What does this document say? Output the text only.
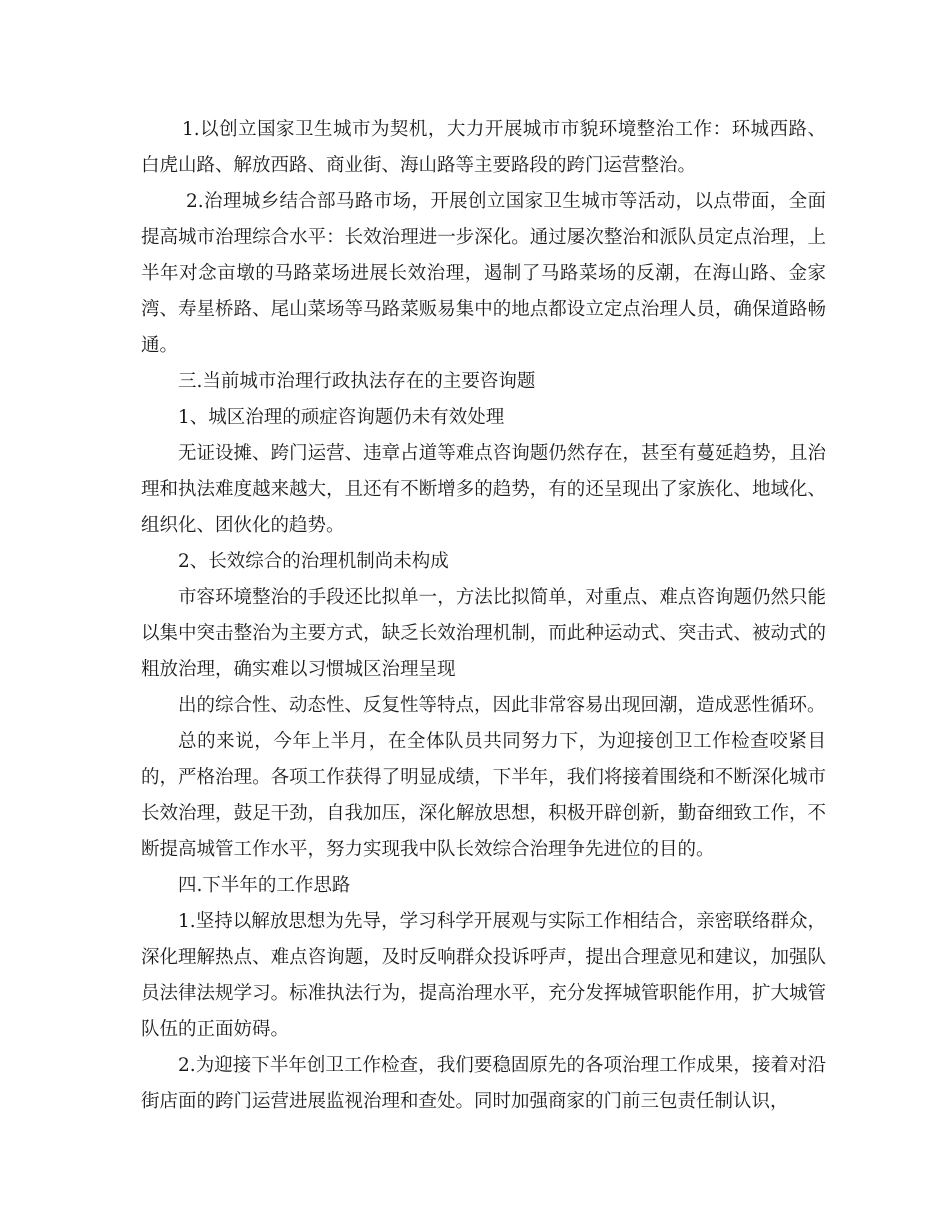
1.以创立国家卫生城市为契机，大力开展城市市貌环境整治工作：环城西路、白虎山路、解放西路、商业街、海山路等主要路段的跨门运营整治。

2.治理城乡结合部马路市场，开展创立国家卫生城市等活动，以点带面，全面提高城市治理综合水平：长效治理进一步深化。通过屡次整治和派队员定点治理，上半年对念亩墩的马路菜场进展长效治理，遏制了马路菜场的反潮，在海山路、金家湾、寿星桥路、尾山菜场等马路菜贩易集中的地点都设立定点治理人员，确保道路畅通。

三.当前城市治理行政执法存在的主要咨询题

1、城区治理的顽症咨询题仍未有效处理

无证设摊、跨门运营、违章占道等难点咨询题仍然存在，甚至有蔓延趋势，且治理和执法难度越来越大，且还有不断增多的趋势，有的还呈现出了家族化、地域化、组织化、团伙化的趋势。

2、长效综合的治理机制尚未构成

市容环境整治的手段还比拟单一，方法比拟简单，对重点、难点咨询题仍然只能以集中突击整治为主要方式，缺乏长效治理机制，而此种运动式、突击式、被动式的粗放治理，确实难以习惯城区治理呈现

出的综合性、动态性、反复性等特点，因此非常容易出现回潮，造成恶性循环。

总的来说，今年上半月，在全体队员共同努力下，为迎接创卫工作检查咬紧目的，严格治理。各项工作获得了明显成绩，下半年，我们将接着围绕和不断深化城市长效治理，鼓足干劲，自我加压，深化解放思想，积极开辟创新，勤奋细致工作，不断提高城管工作水平，努力实现我中队长效综合治理争先进位的目的。

四.下半年的工作思路

1.坚持以解放思想为先导，学习科学开展观与实际工作相结合，亲密联络群众，深化理解热点、难点咨询题，及时反响群众投诉呼声，提出合理意见和建议，加强队员法律法规学习。标准执法行为，提高治理水平，充分发挥城管职能作用，扩大城管队伍的正面妨碍。

2.为迎接下半年创卫工作检查，我们要稳固原先的各项治理工作成果，接着对沿街店面的跨门运营进展监视治理和查处。同时加强商家的门前三包责任制认识，
